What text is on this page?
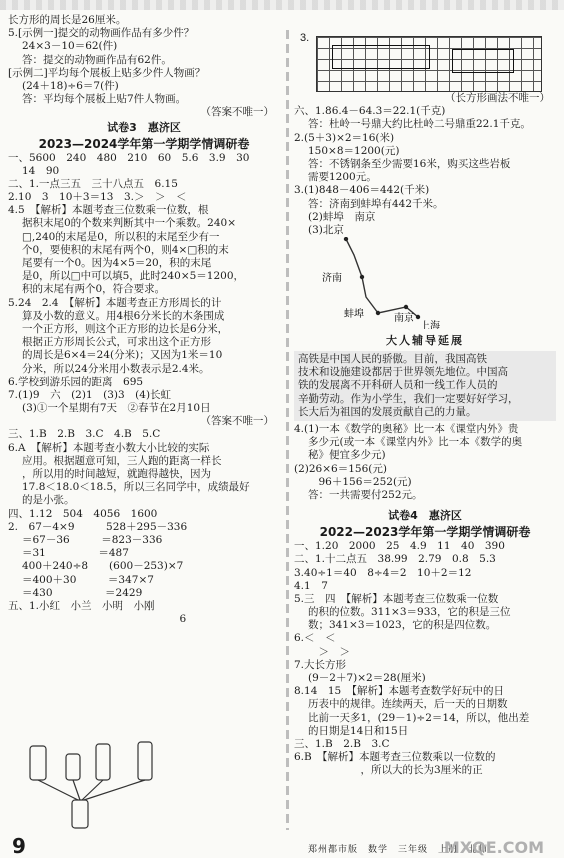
长方形的周长是26厘米。
5.[示例一]提交的动物画作品有多少件？
24×3－10＝62(件)
答：提交的动物画作品有62件。
[示例二]平均每个展板上贴多少件人物画？
(24＋18)÷6＝7(件)
答：平均每个展板上贴7件人物画。
（答案不唯一）
试卷3　惠济区
2023—2024学年第一学期学情调研卷
一、5600　240　480　210　60　5.6　3.9　30
14　90
二、1.一点三五　三十八点五　6.15
2.10　3　10＋3＝13　3.＞　＞　＜
4.5　【解析】本题考查三位数乘一位数，根
据积末尾0的个数来判断其中一个乘数。240×
□,240的末尾是0，所以积的末尾至少有一
个0，要使积的末尾有两个0，则4×□积的末
尾要有一个0。因为4×5＝20，积的末尾
是0，所以□中可以填5，此时240×5＝1200，
积的末尾有两个0，符合要求。
5.24　2.4　【解析】本题考查正方形周长的计
算及小数的意义。用4根6分米长的木条围成
一个正方形，则这个正方形的边长是6分米，
根据正方形周长公式，可求出这个正方形
的周长是6×4＝24(分米)；又因为1米＝10
分米，所以24分米用小数表示是2.4米。
6.学校到游乐园的距离　695
7.(1)9　六　(2)1　(3)3　(4)长虹
(3)①一个星期有7天　②春节在2月10日
（答案不唯一）
三、1.B　2.B　3.C　4.B　5.C
6.A　【解析】本题考查小数大小比较的实际
应用。根据题意可知，三人跑的距离一样长
，所以用的时间越短，就跑得越快，因为
17.8＜18.0＜18.5，所以三名同学中，成绩最好
的是小张。
四、1.12　504　4056　1600
2.　67－4×9　　　528＋295－336
＝67－36　　　＝823－336
＝31　　　　　＝487
400＋240÷8　　(600－253)×7
＝400＋30　　　＝347×7
＝430　　　　　＝2429
五、1.小红　小兰　小明　小刚
　　　　　　　　　　　　　　　6
3.
（长方形画法不唯一）
六、1.86.4－64.3＝22.1(千克)
答：杜岭一号鼎大约比杜岭二号鼎重22.1千克。
2.(5＋3)×2＝16(米)
150×8＝1200(元)
答：不锈钢条至少需要16米，购买这些岩板
需要1200元。
3.(1)848－406＝442(千米)
答：济南到蚌埠有442千米。
(2)蚌埠　南京
(3)北京
济南
蚌埠	南京
上海
大人辅导延展
高铁是中国人民的骄傲。目前，我国高铁
技术和设施建设都居于世界领先地位。中国高
铁的发展离不开科研人员和一线工作人员的
辛勤劳动。作为小学生，我们一定要好好学习，
长大后为祖国的发展贡献自己的力量。
4.(1)一本《数学的奥秘》比一本《课堂内外》贵
多少元(或一本《课堂内外》比一本《数学的奥
秘》便宜多少元)
(2)26×6＝156(元)
　96＋156＝252(元)
答：一共需要付252元。
试卷4　惠济区
2022—2023学年第一学期学情调研卷
一、1.20　2000　25　4.9　11　40　390
二、1.十二点五　38.99　2.79　0.8　5.3
3.40÷1＝40　8÷4＝2　10＋2＝12
4.1　7
5.三　四　【解析】本题考查三位数乘一位数
的积的位数。311×3＝933，它的积是三位
数；341×3＝1023，它的积是四位数。
6.＜　＜
　＞　＞
7.大长方形
(9－2＋7)×2＝28(厘米)
8.14　15　【解析】本题考查数学好玩中的日
历表中的规律。连续两天，后一天的日期数
比前一天多1，(29－1)÷2＝14，所以，他出差
的日期是14日和15日
三、1.B　2.B　3.C
6.B　【解析】本题考查三位数乘以一位数的
　　　　　，所以大的长为3厘米的正
9	郑州都市版　数学　三年级　上册　北师
MXQE.COM
